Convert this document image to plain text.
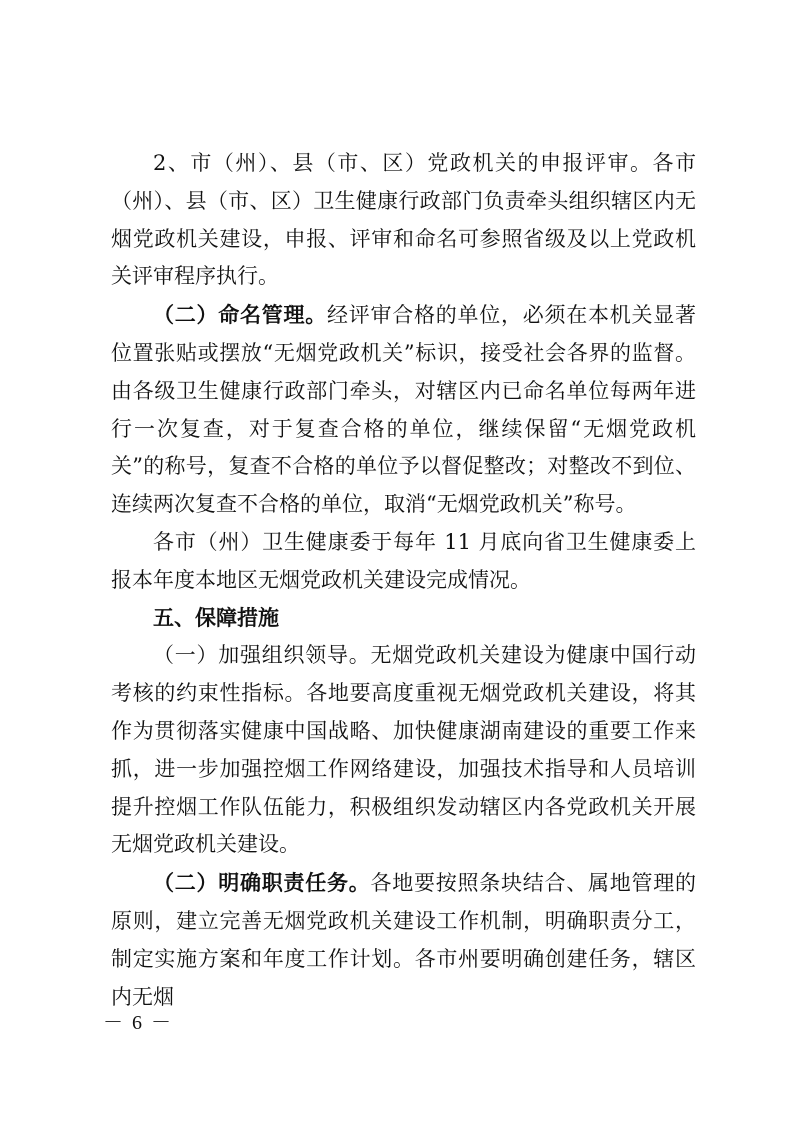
2、市（州）、县（市、区）党政机关的申报评审。各市（州）、县（市、区）卫生健康行政部门负责牵头组织辖区内无烟党政机关建设，申报、评审和命名可参照省级及以上党政机关评审程序执行。

（二）命名管理。经评审合格的单位，必须在本机关显著位置张贴或摆放“无烟党政机关”标识，接受社会各界的监督。由各级卫生健康行政部门牵头，对辖区内已命名单位每两年进行一次复查，对于复查合格的单位，继续保留“无烟党政机关”的称号，复查不合格的单位予以督促整改；对整改不到位、连续两次复查不合格的单位，取消“无烟党政机关”称号。

各市（州）卫生健康委于每年 11 月底向省卫生健康委上报本年度本地区无烟党政机关建设完成情况。

五、保障措施

（一）加强组织领导。无烟党政机关建设为健康中国行动考核的约束性指标。各地要高度重视无烟党政机关建设，将其作为贯彻落实健康中国战略、加快健康湖南建设的重要工作来抓，进一步加强控烟工作网络建设，加强技术指导和人员培训提升控烟工作队伍能力，积极组织发动辖区内各党政机关开展无烟党政机关建设。

（二）明确职责任务。各地要按照条块结合、属地管理的原则，建立完善无烟党政机关建设工作机制，明确职责分工，制定实施方案和年度工作计划。各市州要明确创建任务，辖区内无烟

－ 6 －
